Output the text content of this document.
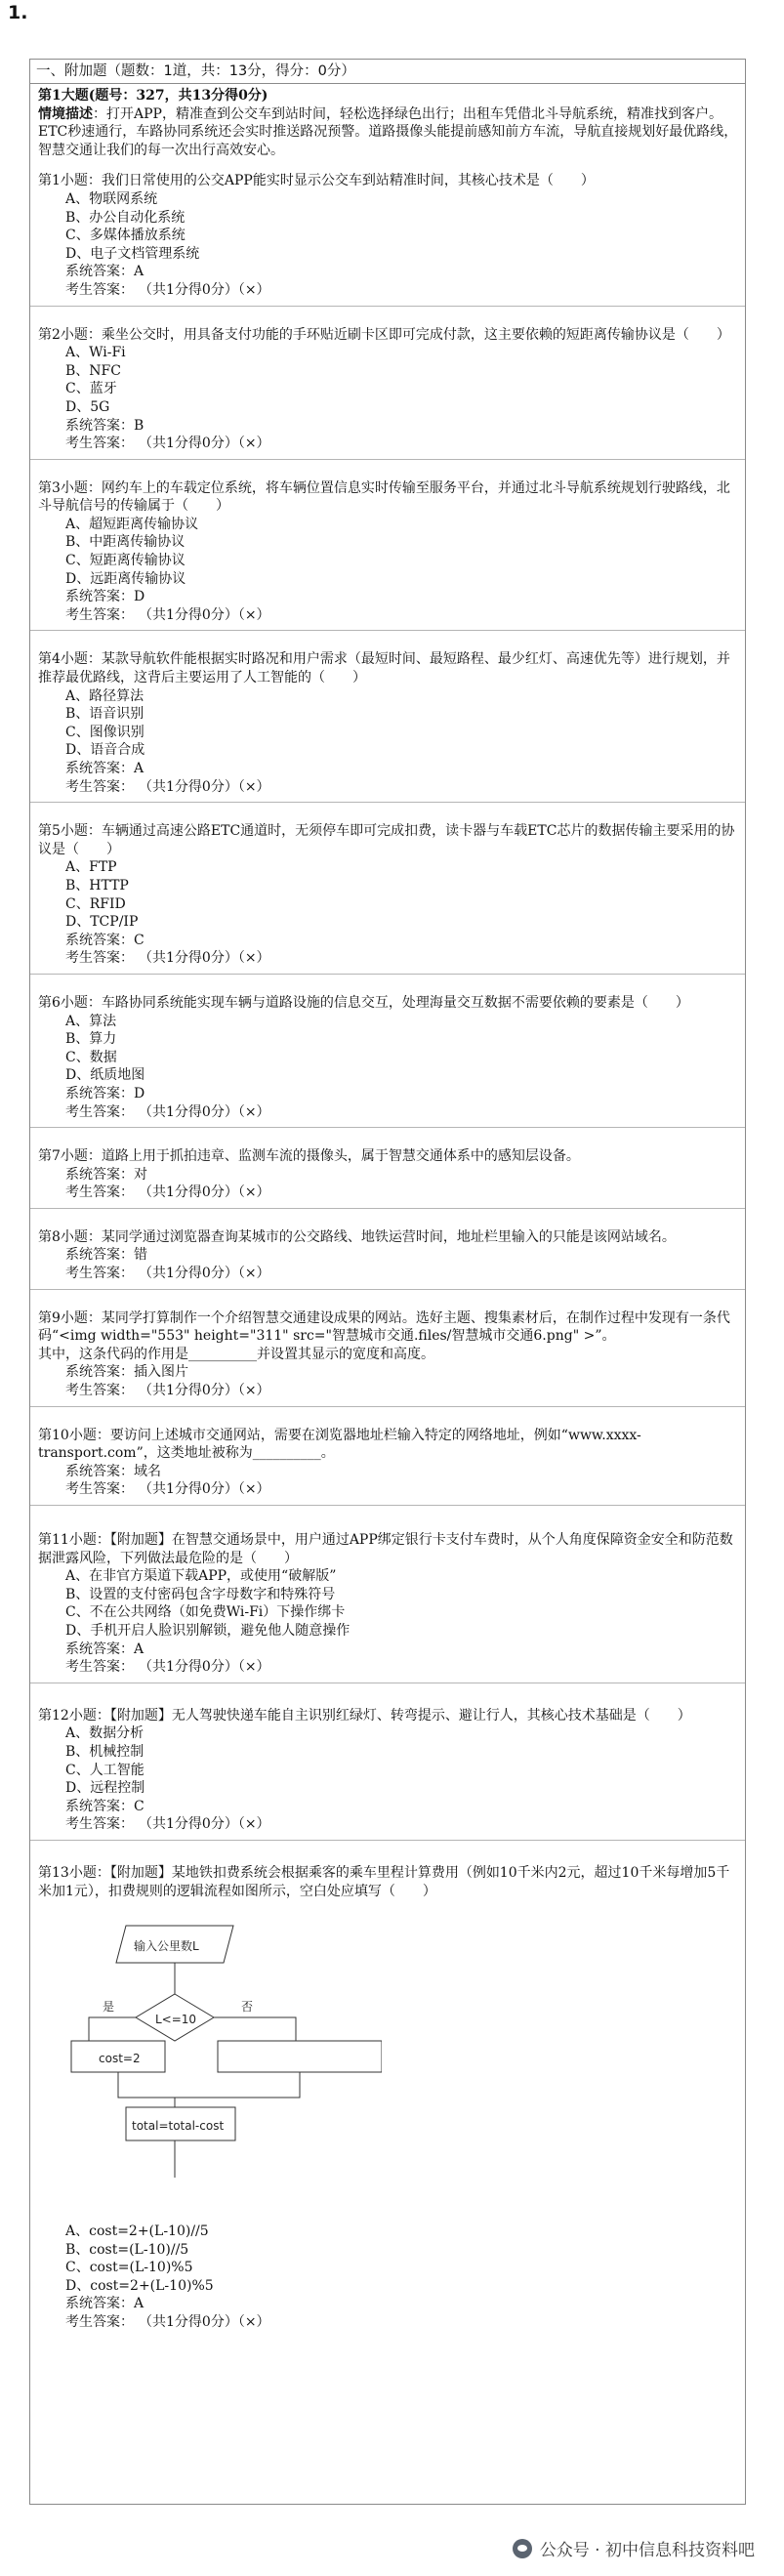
1.
一、附加题（题数：1道，共：13分，得分：0分）
第1大题(题号：327，共13分得0分)
情境描述：打开APP，精准查到公交车到站时间，轻松选择绿色出行；出租车凭借北斗导航系统，精准找到客户。ETC秒速通行，车路协同系统还会实时推送路况预警。道路摄像头能提前感知前方车流，导航直接规划好最优路线，智慧交通让我们的每一次出行高效安心。
第1小题：我们日常使用的公交APP能实时显示公交车到站精准时间，其核心技术是（　　）
A、物联网系统
B、办公自动化系统
C、多媒体播放系统
D、电子文档管理系统
系统答案：A
考生答案： （共1分得0分）（×）
第2小题：乘坐公交时，用具备支付功能的手环贴近刷卡区即可完成付款，这主要依赖的短距离传输协议是（　　）
A、Wi-Fi
B、NFC
C、蓝牙
D、5G
系统答案：B
考生答案： （共1分得0分）（×）
第3小题：网约车上的车载定位系统，将车辆位置信息实时传输至服务平台，并通过北斗导航系统规划行驶路线，北斗导航信号的传输属于（　　）
A、超短距离传输协议
B、中距离传输协议
C、短距离传输协议
D、远距离传输协议
系统答案：D
考生答案： （共1分得0分）（×）
第4小题：某款导航软件能根据实时路况和用户需求（最短时间、最短路程、最少红灯、高速优先等）进行规划，并推荐最优路线，这背后主要运用了人工智能的（　　）
A、路径算法
B、语音识别
C、图像识别
D、语音合成
系统答案：A
考生答案： （共1分得0分）（×）
第5小题：车辆通过高速公路ETC通道时，无须停车即可完成扣费，读卡器与车载ETC芯片的数据传输主要采用的协议是（　　）
A、FTP
B、HTTP
C、RFID
D、TCP/IP
系统答案：C
考生答案： （共1分得0分）（×）
第6小题：车路协同系统能实现车辆与道路设施的信息交互，处理海量交互数据不需要依赖的要素是（　　）
A、算法
B、算力
C、数据
D、纸质地图
系统答案：D
考生答案： （共1分得0分）（×）
第7小题：道路上用于抓拍违章、监测车流的摄像头，属于智慧交通体系中的感知层设备。
系统答案：对
考生答案： （共1分得0分）（×）
第8小题：某同学通过浏览器查询某城市的公交路线、地铁运营时间，地址栏里输入的只能是该网站域名。
系统答案：错
考生答案： （共1分得0分）（×）
第9小题：某同学打算制作一个介绍智慧交通建设成果的网站。选好主题、搜集素材后，在制作过程中发现有一条代码“<img width="553" height="311" src="智慧城市交通.files/智慧城市交通6.png" >”。
其中，这条代码的作用是__________并设置其显示的宽度和高度。
系统答案：插入图片
考生答案： （共1分得0分）（×）
第10小题：要访问上述城市交通网站，需要在浏览器地址栏输入特定的网络地址，例如“www.xxxx-transport.com”，这类地址被称为__________。
系统答案：域名
考生答案： （共1分得0分）（×）
第11小题：【附加题】在智慧交通场景中，用户通过APP绑定银行卡支付车费时，从个人角度保障资金安全和防范数据泄露风险，下列做法最危险的是（　　）
A、在非官方渠道下载APP，或使用“破解版”
B、设置的支付密码包含字母数字和特殊符号
C、不在公共网络（如免费Wi-Fi）下操作绑卡
D、手机开启人脸识别解锁，避免他人随意操作
系统答案：A
考生答案： （共1分得0分）（×）
第12小题：【附加题】无人驾驶快递车能自主识别红绿灯、转弯提示、避让行人，其核心技术基础是（　　）
A、数据分析
B、机械控制
C、人工智能
D、远程控制
系统答案：C
考生答案： （共1分得0分）（×）
第13小题：【附加题】某地铁扣费系统会根据乘客的乘车里程计算费用（例如10千米内2元，超过10千米每增加5千米加1元），扣费规则的逻辑流程如图所示，空白处应填写（　　）
输入公里数L
L<=10
是	否
cost=2
total=total-cost
A、cost=2+(L-10)//5
B、cost=(L-10)//5
C、cost=(L-10)%5
D、cost=2+(L-10)%5
系统答案：A
考生答案： （共1分得0分）（×）
公众号 · 初中信息科技资料吧
